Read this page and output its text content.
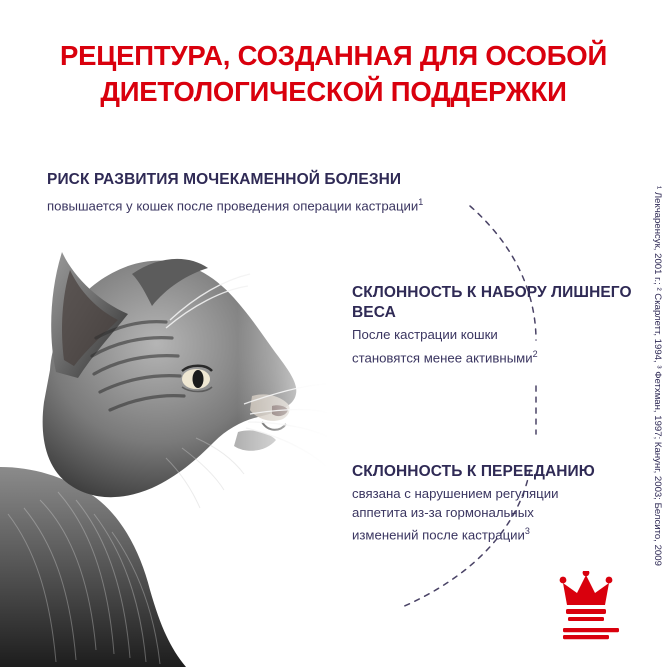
РЕЦЕПТУРА, СОЗДАННАЯ ДЛЯ ОСОБОЙ
ДИЕТОЛОГИЧЕСКОЙ ПОДДЕРЖКИ

РИСК РАЗВИТИЯ МОЧЕКАМЕННОЙ БОЛЕЗНИ

повышается у кошек после проведения операции кастрации$^1$

СКЛОННОСТЬ К НАБОРУ ЛИШНЕГО ВЕСА

После кастрации кошки
становятся менее активными$^2$

СКЛОННОСТЬ К ПЕРЕЕДАНИЮ

связана с нарушением регуляции
аппетита из-за гормональных
изменений после кастрации$^3$	¹ Лекчаренсук, 2001 г.; ² Скарлетт, 1994, ³ Фетхман, 1997; Канунг, 2003; Белсито, 2009
